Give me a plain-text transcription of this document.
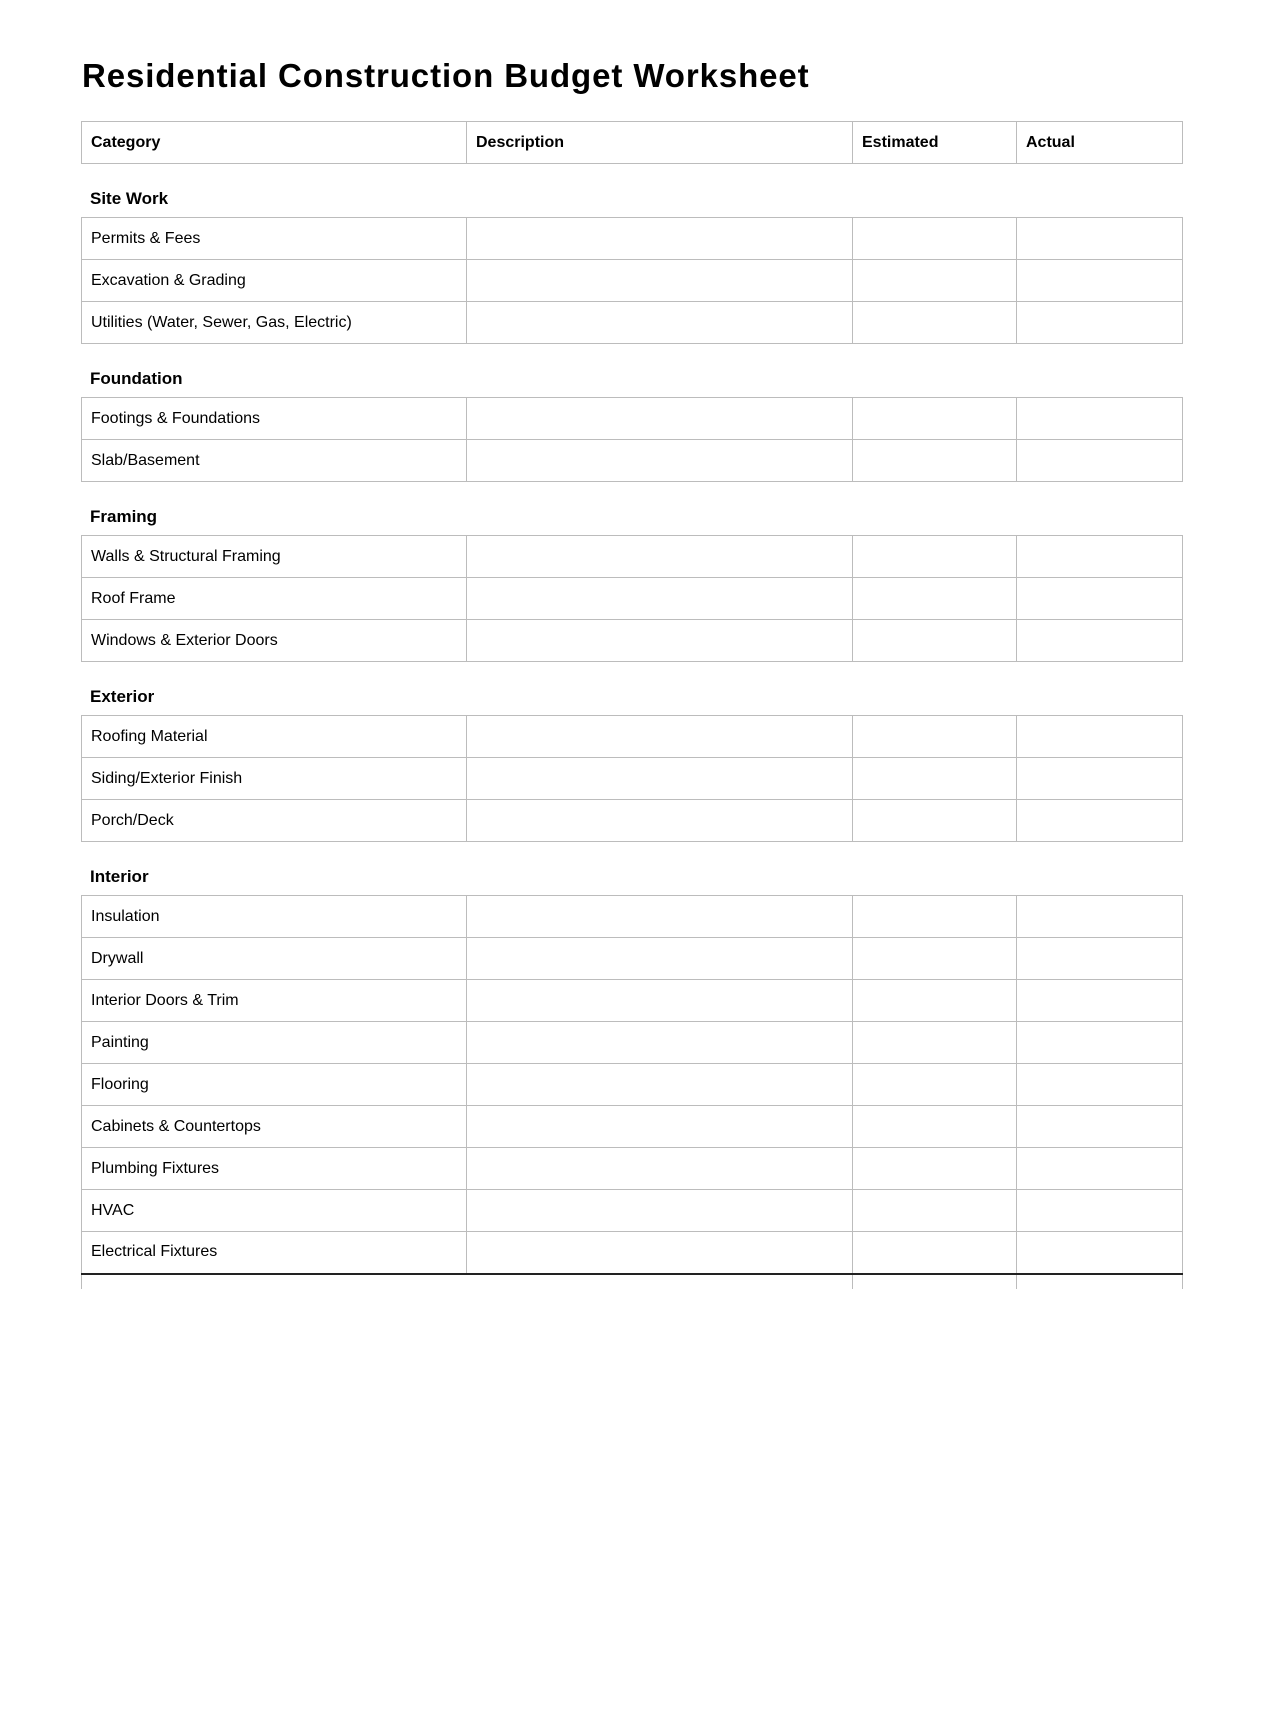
Residential Construction Budget Worksheet
Category	Description	Estimated	Actual
Site Work
Permits & Fees			
Excavation & Grading			
Utilities (Water, Sewer, Gas, Electric)			
Foundation
Footings & Foundations			
Slab/Basement			
Framing
Walls & Structural Framing			
Roof Frame			
Windows & Exterior Doors			
Exterior
Roofing Material			
Siding/Exterior Finish			
Porch/Deck			
Interior
Insulation			
Drywall			
Interior Doors & Trim			
Painting			
Flooring			
Cabinets & Countertops			
Plumbing Fixtures			
HVAC			
Electrical Fixtures			
